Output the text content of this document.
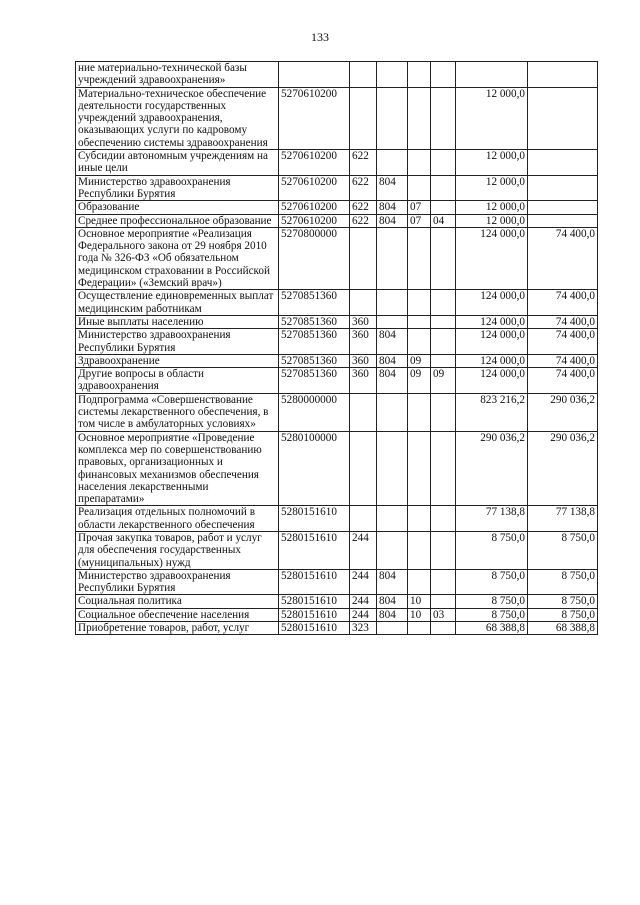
133
ние материально-технической базы учреждений здравоохранения»							
Материально-техническое обеспечение деятельности государственных учреждений здравоохранения, оказывающих услуги по кадровому обеспечению системы здравоохранения	5270610200					12 000,0	
Субсидии автономным учреждениям на иные цели	5270610200	622				12 000,0	
Министерство здравоохранения Республики Бурятия	5270610200	622	804			12 000,0	
Образование	5270610200	622	804	07		12 000,0	
Среднее профессиональное образование	5270610200	622	804	07	04	12 000,0	
Основное мероприятие «Реализация Федерального закона от 29 ноября 2010 года № 326-ФЗ «Об обязательном медицинском страховании в Российской Федерации» («Земский врач»)	5270800000					124 000,0	74 400,0
Осуществление единовременных выплат медицинским работникам	5270851360					124 000,0	74 400,0
Иные выплаты населению	5270851360	360				124 000,0	74 400,0
Министерство здравоохранения Республики Бурятия	5270851360	360	804			124 000,0	74 400,0
Здравоохранение	5270851360	360	804	09		124 000,0	74 400,0
Другие вопросы в области здравоохранения	5270851360	360	804	09	09	124 000,0	74 400,0
Подпрограмма «Совершенствование системы лекарственного обеспечения, в том числе в амбулаторных условиях»	5280000000					823 216,2	290 036,2
Основное мероприятие «Проведение комплекса мер по совершенствованию правовых, организационных и финансовых механизмов обеспечения населения лекарственными препаратами»	5280100000					290 036,2	290 036,2
Реализация отдельных полномочий в области лекарственного обеспечения	5280151610					77 138,8	77 138,8
Прочая закупка товаров, работ и услуг для обеспечения государственных (муниципальных) нужд	5280151610	244				8 750,0	8 750,0
Министерство здравоохранения Республики Бурятия	5280151610	244	804			8 750,0	8 750,0
Социальная политика	5280151610	244	804	10		8 750,0	8 750,0
Социальное обеспечение населения	5280151610	244	804	10	03	8 750,0	8 750,0
Приобретение товаров, работ, услуг	5280151610	323				68 388,8	68 388,8
